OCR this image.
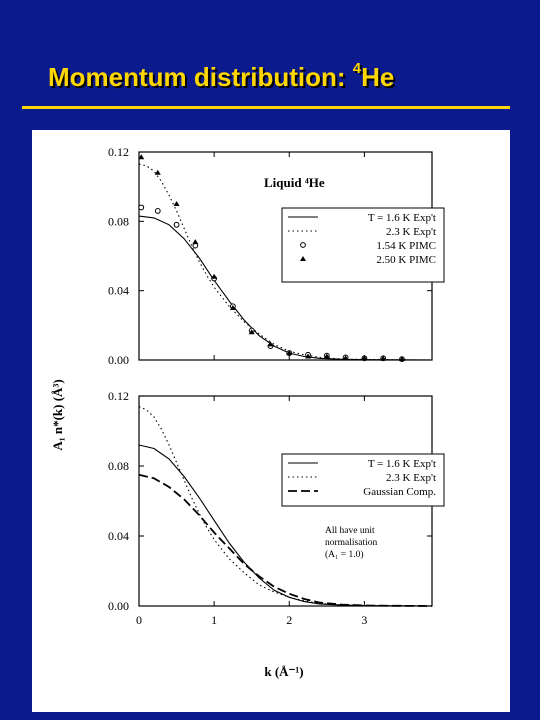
Momentum distribution: $^4$He
A₁ n*(k) (Å³)
k (Å⁻¹)
0.12
0.08
0.04
0.00
Liquid ⁴He
T = 1.6 K Exp't
2.3 K Exp't
1.54 K PIMC
2.50 K PIMC
0.12
0.08
0.04
0.00
0	1	2	3
T = 1.6 K Exp't
2.3 K Exp't
Gaussian Comp.
All have unit
normalisation
(A₁ = 1.0)
